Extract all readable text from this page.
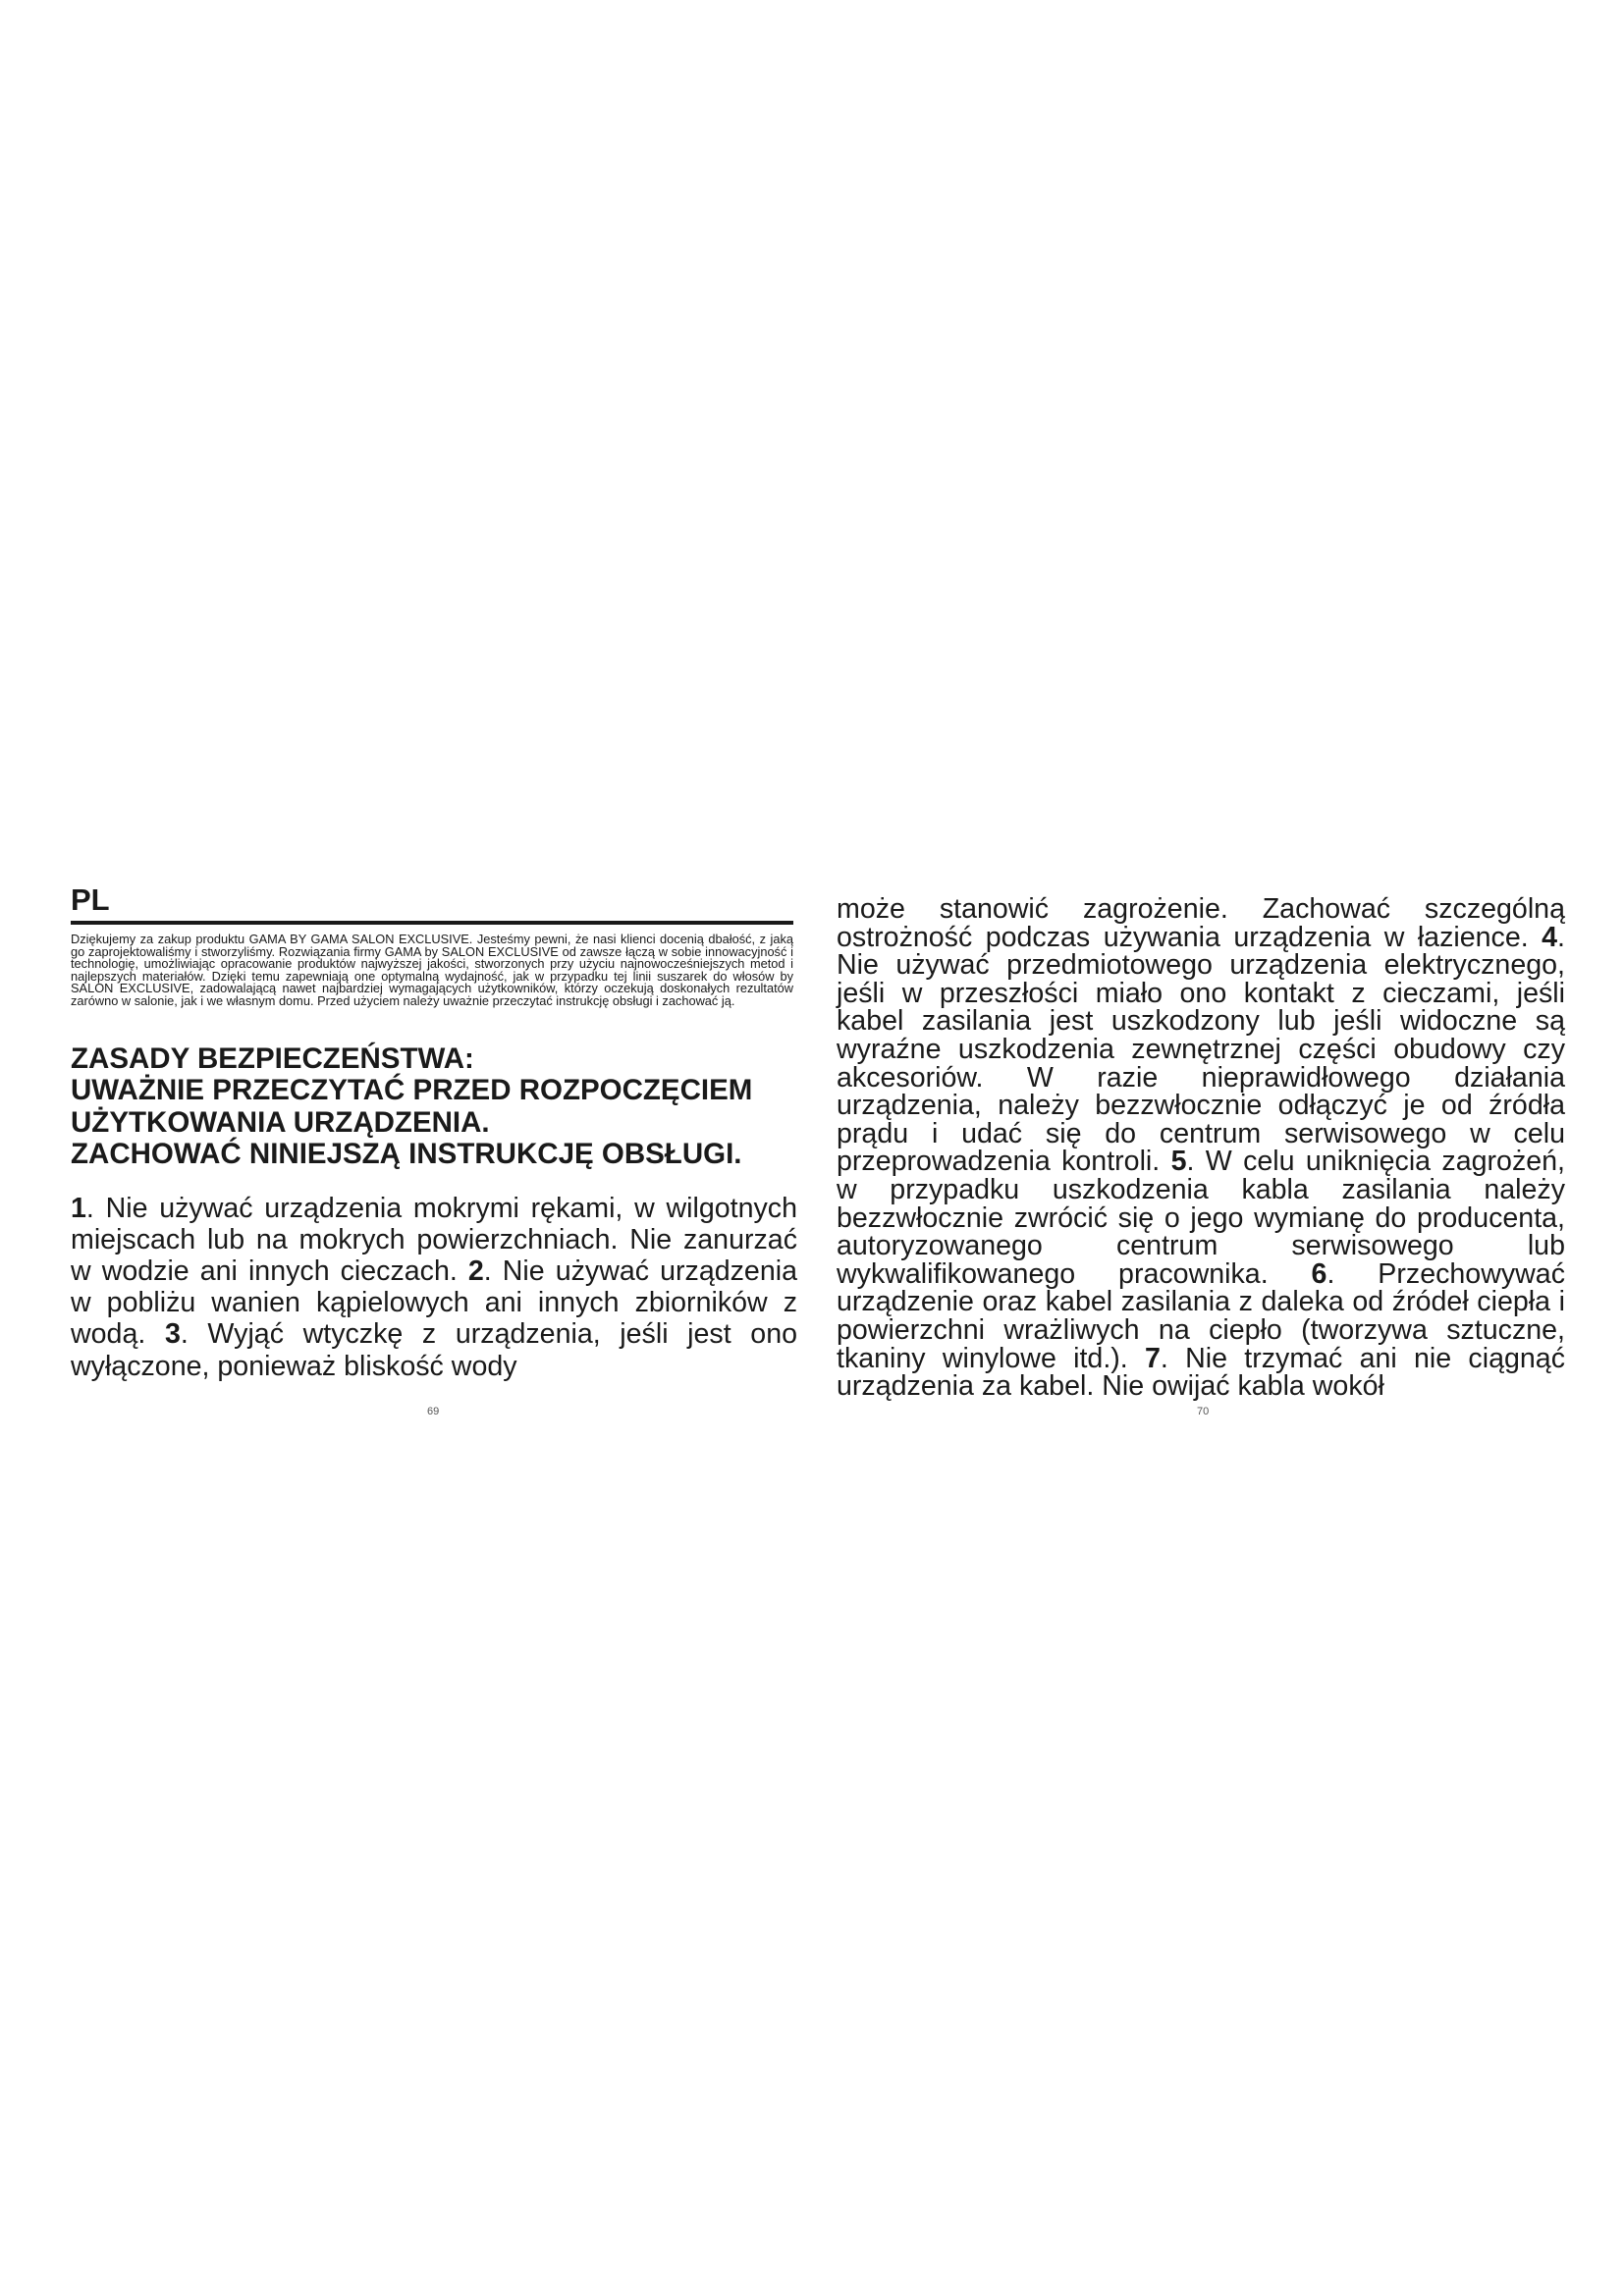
PL

Dziękujemy za zakup produktu GAMA BY GAMA SALON EXCLUSIVE. Jesteśmy pewni, że nasi klienci docenią dbałość, z jaką go zaprojektowaliśmy i stworzyliśmy. Rozwiązania firmy GAMA by SALON EXCLUSIVE od zawsze łączą w sobie innowacyjność i technologię, umożliwiając opracowanie produktów najwyższej jakości, stworzonych przy użyciu najnowocześniejszych metod i najlepszych materiałów. Dzięki temu zapewniają one optymalną wydajność, jak w przypadku tej linii suszarek do włosów by SALON EXCLUSIVE, zadowalającą nawet najbardziej wymagających użytkowników, którzy oczekują doskonałych rezultatów zarówno w salonie, jak i we własnym domu. Przed użyciem należy uważnie przeczytać instrukcję obsługi i zachować ją.

ZASADY BEZPIECZEŃSTWA:
UWAŻNIE PRZECZYTAĆ PRZED ROZPOCZĘCIEM
UŻYTKOWANIA URZĄDZENIA.
ZACHOWAĆ NINIEJSZĄ INSTRUKCJĘ OBSŁUGI.

1. Nie używać urządzenia mokrymi rękami, w wilgotnych miejscach lub na mokrych powierzchniach. Nie zanurzać w wodzie ani innych cieczach. 2. Nie używać urządzenia w pobliżu wanien kąpielowych ani innych zbiorników z wodą. 3. Wyjąć wtyczkę z urządzenia, jeśli jest ono wyłączone, ponieważ bliskość wody

może stanowić zagrożenie. Zachować szczególną ostrożność podczas używania urządzenia w łazience. 4. Nie używać przedmiotowego urządzenia elektrycznego, jeśli w przeszłości miało ono kontakt z cieczami, jeśli kabel zasilania jest uszkodzony lub jeśli widoczne są wyraźne uszkodzenia zewnętrznej części obudowy czy akcesoriów. W razie nieprawidłowego działania urządzenia, należy bezzwłocznie odłączyć je od źródła prądu i udać się do centrum serwisowego w celu przeprowadzenia kontroli. 5. W celu uniknięcia zagrożeń, w przypadku uszkodzenia kabla zasilania należy bezzwłocznie zwrócić się o jego wymianę do producenta, autoryzowanego centrum serwisowego lub wykwalifikowanego pracownika. 6. Przechowywać urządzenie oraz kabel zasilania z daleka od źródeł ciepła i powierzchni wrażliwych na ciepło (tworzywa sztuczne, tkaniny winylowe itd.). 7. Nie trzymać ani nie ciągnąć urządzenia za kabel. Nie owijać kabla wokół

69	70
